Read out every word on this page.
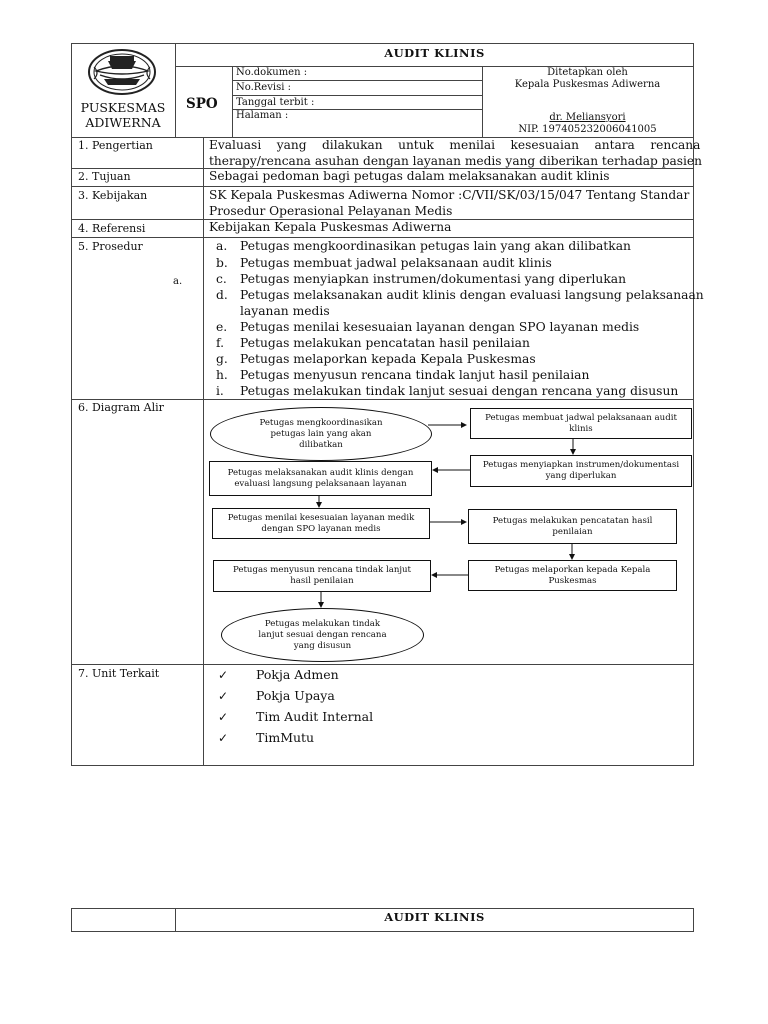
PUSKESMAS
ADIWERNA
AUDIT KLINIS
SPO
No.dokumen :
No.Revisi :
Tanggal terbit :
Halaman :
Ditetapkan oleh
Kepala Puskesmas Adiwerna
dr. Meliansyori
NIP. 197405232006041005
1. Pengertian	Evaluasi    yang    dilakukan    untuk    menilai    kesesuaian    antara    rencana
therapy/rencana asuhan dengan layanan medis yang diberikan terhadap pasien
2. Tujuan	Sebagai pedoman bagi petugas dalam melaksanakan audit klinis
3. Kebijakan	SK Kepala Puskesmas Adiwerna Nomor :C/VII/SK/03/15/047 Tentang Standar
Prosedur Operasional Pelayanan Medis
4. Referensi	Kebijakan Kepala Puskesmas Adiwerna
5. Prosedur
a.
a. Petugas mengkoordinasikan petugas lain yang akan dilibatkan
b. Petugas membuat jadwal pelaksanaan audit klinis
c. Petugas menyiapkan instrumen/dokumentasi yang diperlukan
d. Petugas melaksanakan audit klinis dengan evaluasi langsung pelaksanaan
layanan medis
e. Petugas menilai kesesuaian layanan dengan SPO layanan medis
f. Petugas melakukan pencatatan hasil penilaian
g. Petugas melaporkan kepada Kepala Puskesmas
h. Petugas menyusun rencana tindak lanjut hasil penilaian
i. Petugas melakukan tindak lanjut sesuai dengan rencana yang disusun
6. Diagram Alir
Petugas mengkoordinasikan
petugas lain yang akan
dilibatkan
Petugas membuat jadwal pelaksanaan audit
klinis
Petugas menyiapkan instrumen/dokumentasi
yang diperlukan
Petugas melaksanakan audit klinis dengan
evaluasi langsung pelaksanaan layanan
Petugas menilai kesesuaian layanan medik
dengan SPO layanan medis
Petugas melakukan pencatatan hasil
penilaian
Petugas melaporkan kepada Kepala
Puskesmas
Petugas menyusun rencana tindak lanjut
hasil penilaian
Petugas melakukan tindak
lanjut sesuai dengan rencana
yang disusun
7. Unit Terkait	✓ Pokja Admen
✓ Pokja Upaya
✓ Tim Audit Internal
✓ TimMutu
AUDIT KLINIS
